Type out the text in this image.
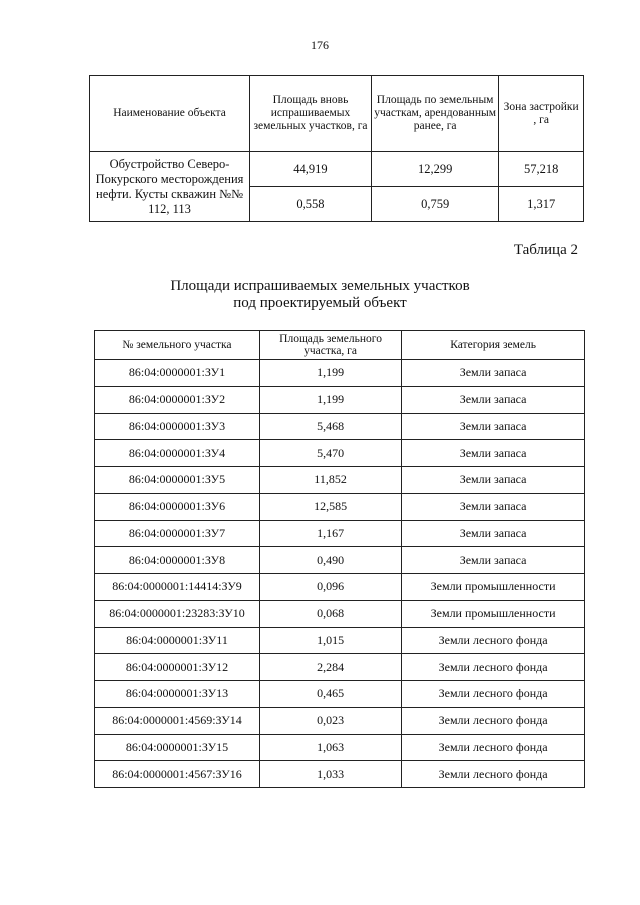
176
Наименование объекта	Площадь вновь испрашиваемых земельных участков, га	Площадь по земельным участкам, арендованным ранее, га	Зона застройки , га
Обустройство Северо-Покурского месторождения нефти. Кусты скважин №№ 112, 113	44,919	12,299	57,218
	0,558	0,759	1,317
Таблица 2
Площади испрашиваемых земельных участков
под проектируемый объект
№ земельного участка	Площадь земельного участка, га	Категория земель
86:04:0000001:ЗУ1	1,199	Земли запаса
86:04:0000001:ЗУ2	1,199	Земли запаса
86:04:0000001:ЗУ3	5,468	Земли запаса
86:04:0000001:ЗУ4	5,470	Земли запаса
86:04:0000001:ЗУ5	11,852	Земли запаса
86:04:0000001:ЗУ6	12,585	Земли запаса
86:04:0000001:ЗУ7	1,167	Земли запаса
86:04:0000001:ЗУ8	0,490	Земли запаса
86:04:0000001:14414:ЗУ9	0,096	Земли промышленности
86:04:0000001:23283:ЗУ10	0,068	Земли промышленности
86:04:0000001:ЗУ11	1,015	Земли лесного фонда
86:04:0000001:ЗУ12	2,284	Земли лесного фонда
86:04:0000001:ЗУ13	0,465	Земли лесного фонда
86:04:0000001:4569:ЗУ14	0,023	Земли лесного фонда
86:04:0000001:ЗУ15	1,063	Земли лесного фонда
86:04:0000001:4567:ЗУ16	1,033	Земли лесного фонда
